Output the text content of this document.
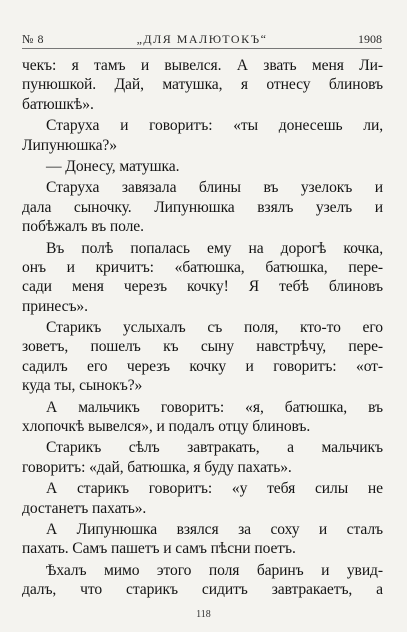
№ 8	„ДЛЯ МАЛЮТОКЪ“	1908
чекъ: я тамъ и вывелся. А звать меня Ли-
пунюшкой. Дай, матушка, я отнесу блиновъ
батюшкѣ».
Старуха и говоритъ: «ты донесешь ли,
Липунюшка?»
— Донесу, матушка.
Старуха завязала блины въ узелокъ и
дала сыночку. Липунюшка взялъ узелъ и
побѣжалъ въ поле.
Въ полѣ попалась ему на дорогѣ кочка,
онъ и кричитъ: «батюшка, батюшка, пере-
сади меня черезъ кочку! Я тебѣ блиновъ
принесъ».
Старикъ услыхалъ съ поля, кто-то его
зоветъ, пошелъ къ сыну навстрѣчу, пере-
садилъ его черезъ кочку и говоритъ: «от-
куда ты, сынокъ?»
А мальчикъ говоритъ: «я, батюшка, въ
хлопочкѣ вывелся», и подалъ отцу блиновъ.
Старикъ сѣлъ завтракать, а мальчикъ
говоритъ: «дай, батюшка, я буду пахать».
А старикъ говоритъ: «у тебя силы не
достанетъ пахать».
А Липунюшка взялся за соху и сталъ
пахать. Самъ пашетъ и самъ пѣсни поетъ.
Ѣхалъ мимо этого поля баринъ и увид-
далъ, что старикъ сидитъ завтракаетъ, а
118
